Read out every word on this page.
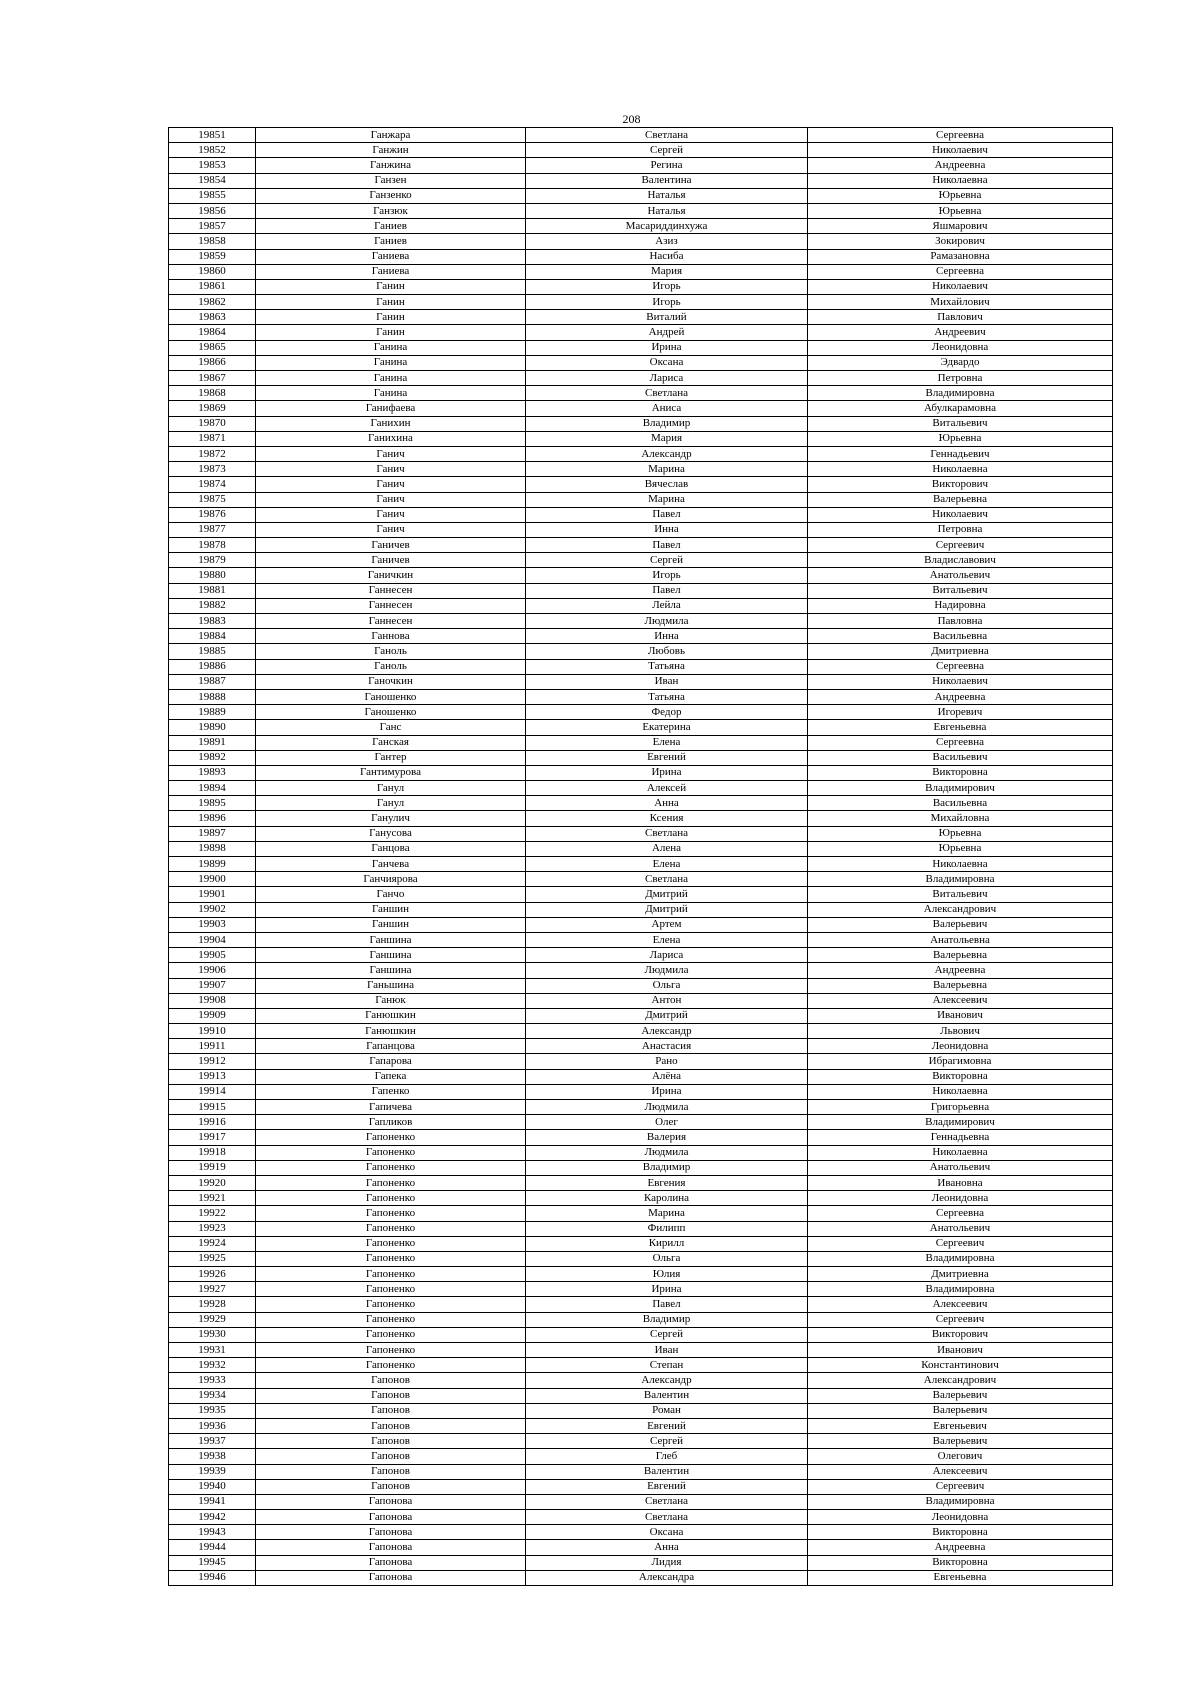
208
19851	Ганжара	Светлана	Сергеевна
19852	Ганжин	Сергей	Николаевич
19853	Ганжина	Регина	Андреевна
19854	Ганзен	Валентина	Николаевна
19855	Ганзенко	Наталья	Юрьевна
19856	Ганзюк	Наталья	Юрьевна
19857	Ганиев	Масариддинхужа	Яшмарович
19858	Ганиев	Азиз	Зокирович
19859	Ганиева	Насиба	Рамазановна
19860	Ганиева	Мария	Сергеевна
19861	Ганин	Игорь	Николаевич
19862	Ганин	Игорь	Михайлович
19863	Ганин	Виталий	Павлович
19864	Ганин	Андрей	Андреевич
19865	Ганина	Ирина	Леонидовна
19866	Ганина	Оксана	Эдвардо
19867	Ганина	Лариса	Петровна
19868	Ганина	Светлана	Владимировна
19869	Ганифаева	Аниса	Абулкарамовна
19870	Ганихин	Владимир	Витальевич
19871	Ганихина	Мария	Юрьевна
19872	Ганич	Александр	Геннадьевич
19873	Ганич	Марина	Николаевна
19874	Ганич	Вячеслав	Викторович
19875	Ганич	Марина	Валерьевна
19876	Ганич	Павел	Николаевич
19877	Ганич	Инна	Петровна
19878	Ганичев	Павел	Сергеевич
19879	Ганичев	Сергей	Владиславович
19880	Ганичкин	Игорь	Анатольевич
19881	Ганнесен	Павел	Витальевич
19882	Ганнесен	Лейла	Надировна
19883	Ганнесен	Людмила	Павловна
19884	Ганнова	Инна	Васильевна
19885	Ганоль	Любовь	Дмитриевна
19886	Ганоль	Татьяна	Сергеевна
19887	Ганочкин	Иван	Николаевич
19888	Ганошенко	Татьяна	Андреевна
19889	Ганошенко	Федор	Игоревич
19890	Ганс	Екатерина	Евгеньевна
19891	Ганская	Елена	Сергеевна
19892	Гантер	Евгений	Васильевич
19893	Гантимурова	Ирина	Викторовна
19894	Ганул	Алексей	Владимирович
19895	Ганул	Анна	Васильевна
19896	Ганулич	Ксения	Михайловна
19897	Ганусова	Светлана	Юрьевна
19898	Ганцова	Алена	Юрьевна
19899	Ганчева	Елена	Николаевна
19900	Ганчиярова	Светлана	Владимировна
19901	Ганчо	Дмитрий	Витальевич
19902	Ганшин	Дмитрий	Александрович
19903	Ганшин	Артем	Валерьевич
19904	Ганшина	Елена	Анатольевна
19905	Ганшина	Лариса	Валерьевна
19906	Ганшина	Людмила	Андреевна
19907	Ганьшина	Ольга	Валерьевна
19908	Ганюк	Антон	Алексеевич
19909	Ганюшкин	Дмитрий	Иванович
19910	Ганюшкин	Александр	Львович
19911	Гапанцова	Анастасия	Леонидовна
19912	Гапарова	Рано	Ибрагимовна
19913	Гапека	Алёна	Викторовна
19914	Гапенко	Ирина	Николаевна
19915	Гапичева	Людмила	Григорьевна
19916	Гапликов	Олег	Владимирович
19917	Гапоненко	Валерия	Геннадьевна
19918	Гапоненко	Людмила	Николаевна
19919	Гапоненко	Владимир	Анатольевич
19920	Гапоненко	Евгения	Ивановна
19921	Гапоненко	Каролина	Леонидовна
19922	Гапоненко	Марина	Сергеевна
19923	Гапоненко	Филипп	Анатольевич
19924	Гапоненко	Кирилл	Сергеевич
19925	Гапоненко	Ольга	Владимировна
19926	Гапоненко	Юлия	Дмитриевна
19927	Гапоненко	Ирина	Владимировна
19928	Гапоненко	Павел	Алексеевич
19929	Гапоненко	Владимир	Сергеевич
19930	Гапоненко	Сергей	Викторович
19931	Гапоненко	Иван	Иванович
19932	Гапоненко	Степан	Константинович
19933	Гапонов	Александр	Александрович
19934	Гапонов	Валентин	Валерьевич
19935	Гапонов	Роман	Валерьевич
19936	Гапонов	Евгений	Евгеньевич
19937	Гапонов	Сергей	Валерьевич
19938	Гапонов	Глеб	Олегович
19939	Гапонов	Валентин	Алексеевич
19940	Гапонов	Евгений	Сергеевич
19941	Гапонова	Светлана	Владимировна
19942	Гапонова	Светлана	Леонидовна
19943	Гапонова	Оксана	Викторовна
19944	Гапонова	Анна	Андреевна
19945	Гапонова	Лидия	Викторовна
19946	Гапонова	Александра	Евгеньевна
